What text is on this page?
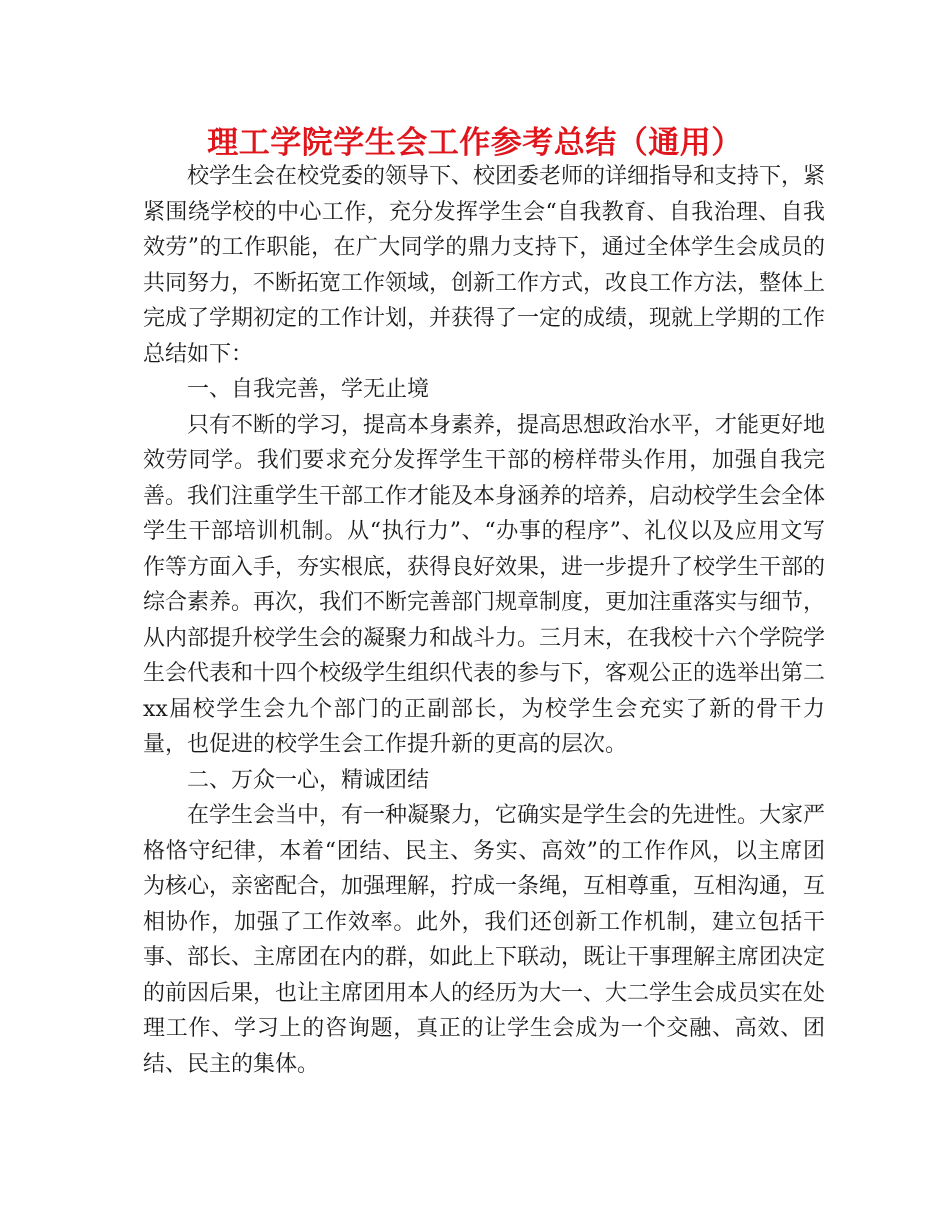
理工学院学生会工作参考总结（通用）

校学生会在校党委的领导下、校团委老师的详细指导和支持下，紧紧围绕学校的中心工作，充分发挥学生会“自我教育、自我治理、自我效劳”的工作职能，在广大同学的鼎力支持下，通过全体学生会成员的共同努力，不断拓宽工作领域，创新工作方式，改良工作方法，整体上完成了学期初定的工作计划，并获得了一定的成绩，现就上学期的工作总结如下：

一、自我完善，学无止境

只有不断的学习，提高本身素养，提高思想政治水平，才能更好地效劳同学。我们要求充分发挥学生干部的榜样带头作用，加强自我完善。我们注重学生干部工作才能及本身涵养的培养，启动校学生会全体学生干部培训机制。从“执行力”、“办事的程序”、礼仪以及应用文写作等方面入手，夯实根底，获得良好效果，进一步提升了校学生干部的综合素养。再次，我们不断完善部门规章制度，更加注重落实与细节，从内部提升校学生会的凝聚力和战斗力。三月末，在我校十六个学院学生会代表和十四个校级学生组织代表的参与下，客观公正的选举出第二xx届校学生会九个部门的正副部长，为校学生会充实了新的骨干力量，也促进的校学生会工作提升新的更高的层次。

二、万众一心，精诚团结

在学生会当中，有一种凝聚力，它确实是学生会的先进性。大家严格恪守纪律，本着“团结、民主、务实、高效”的工作作风，以主席团为核心，亲密配合，加强理解，拧成一条绳，互相尊重，互相沟通，互相协作，加强了工作效率。此外，我们还创新工作机制，建立包括干事、部长、主席团在内的群，如此上下联动，既让干事理解主席团决定的前因后果，也让主席团用本人的经历为大一、大二学生会成员实在处理工作、学习上的咨询题，真正的让学生会成为一个交融、高效、团结、民主的集体。
